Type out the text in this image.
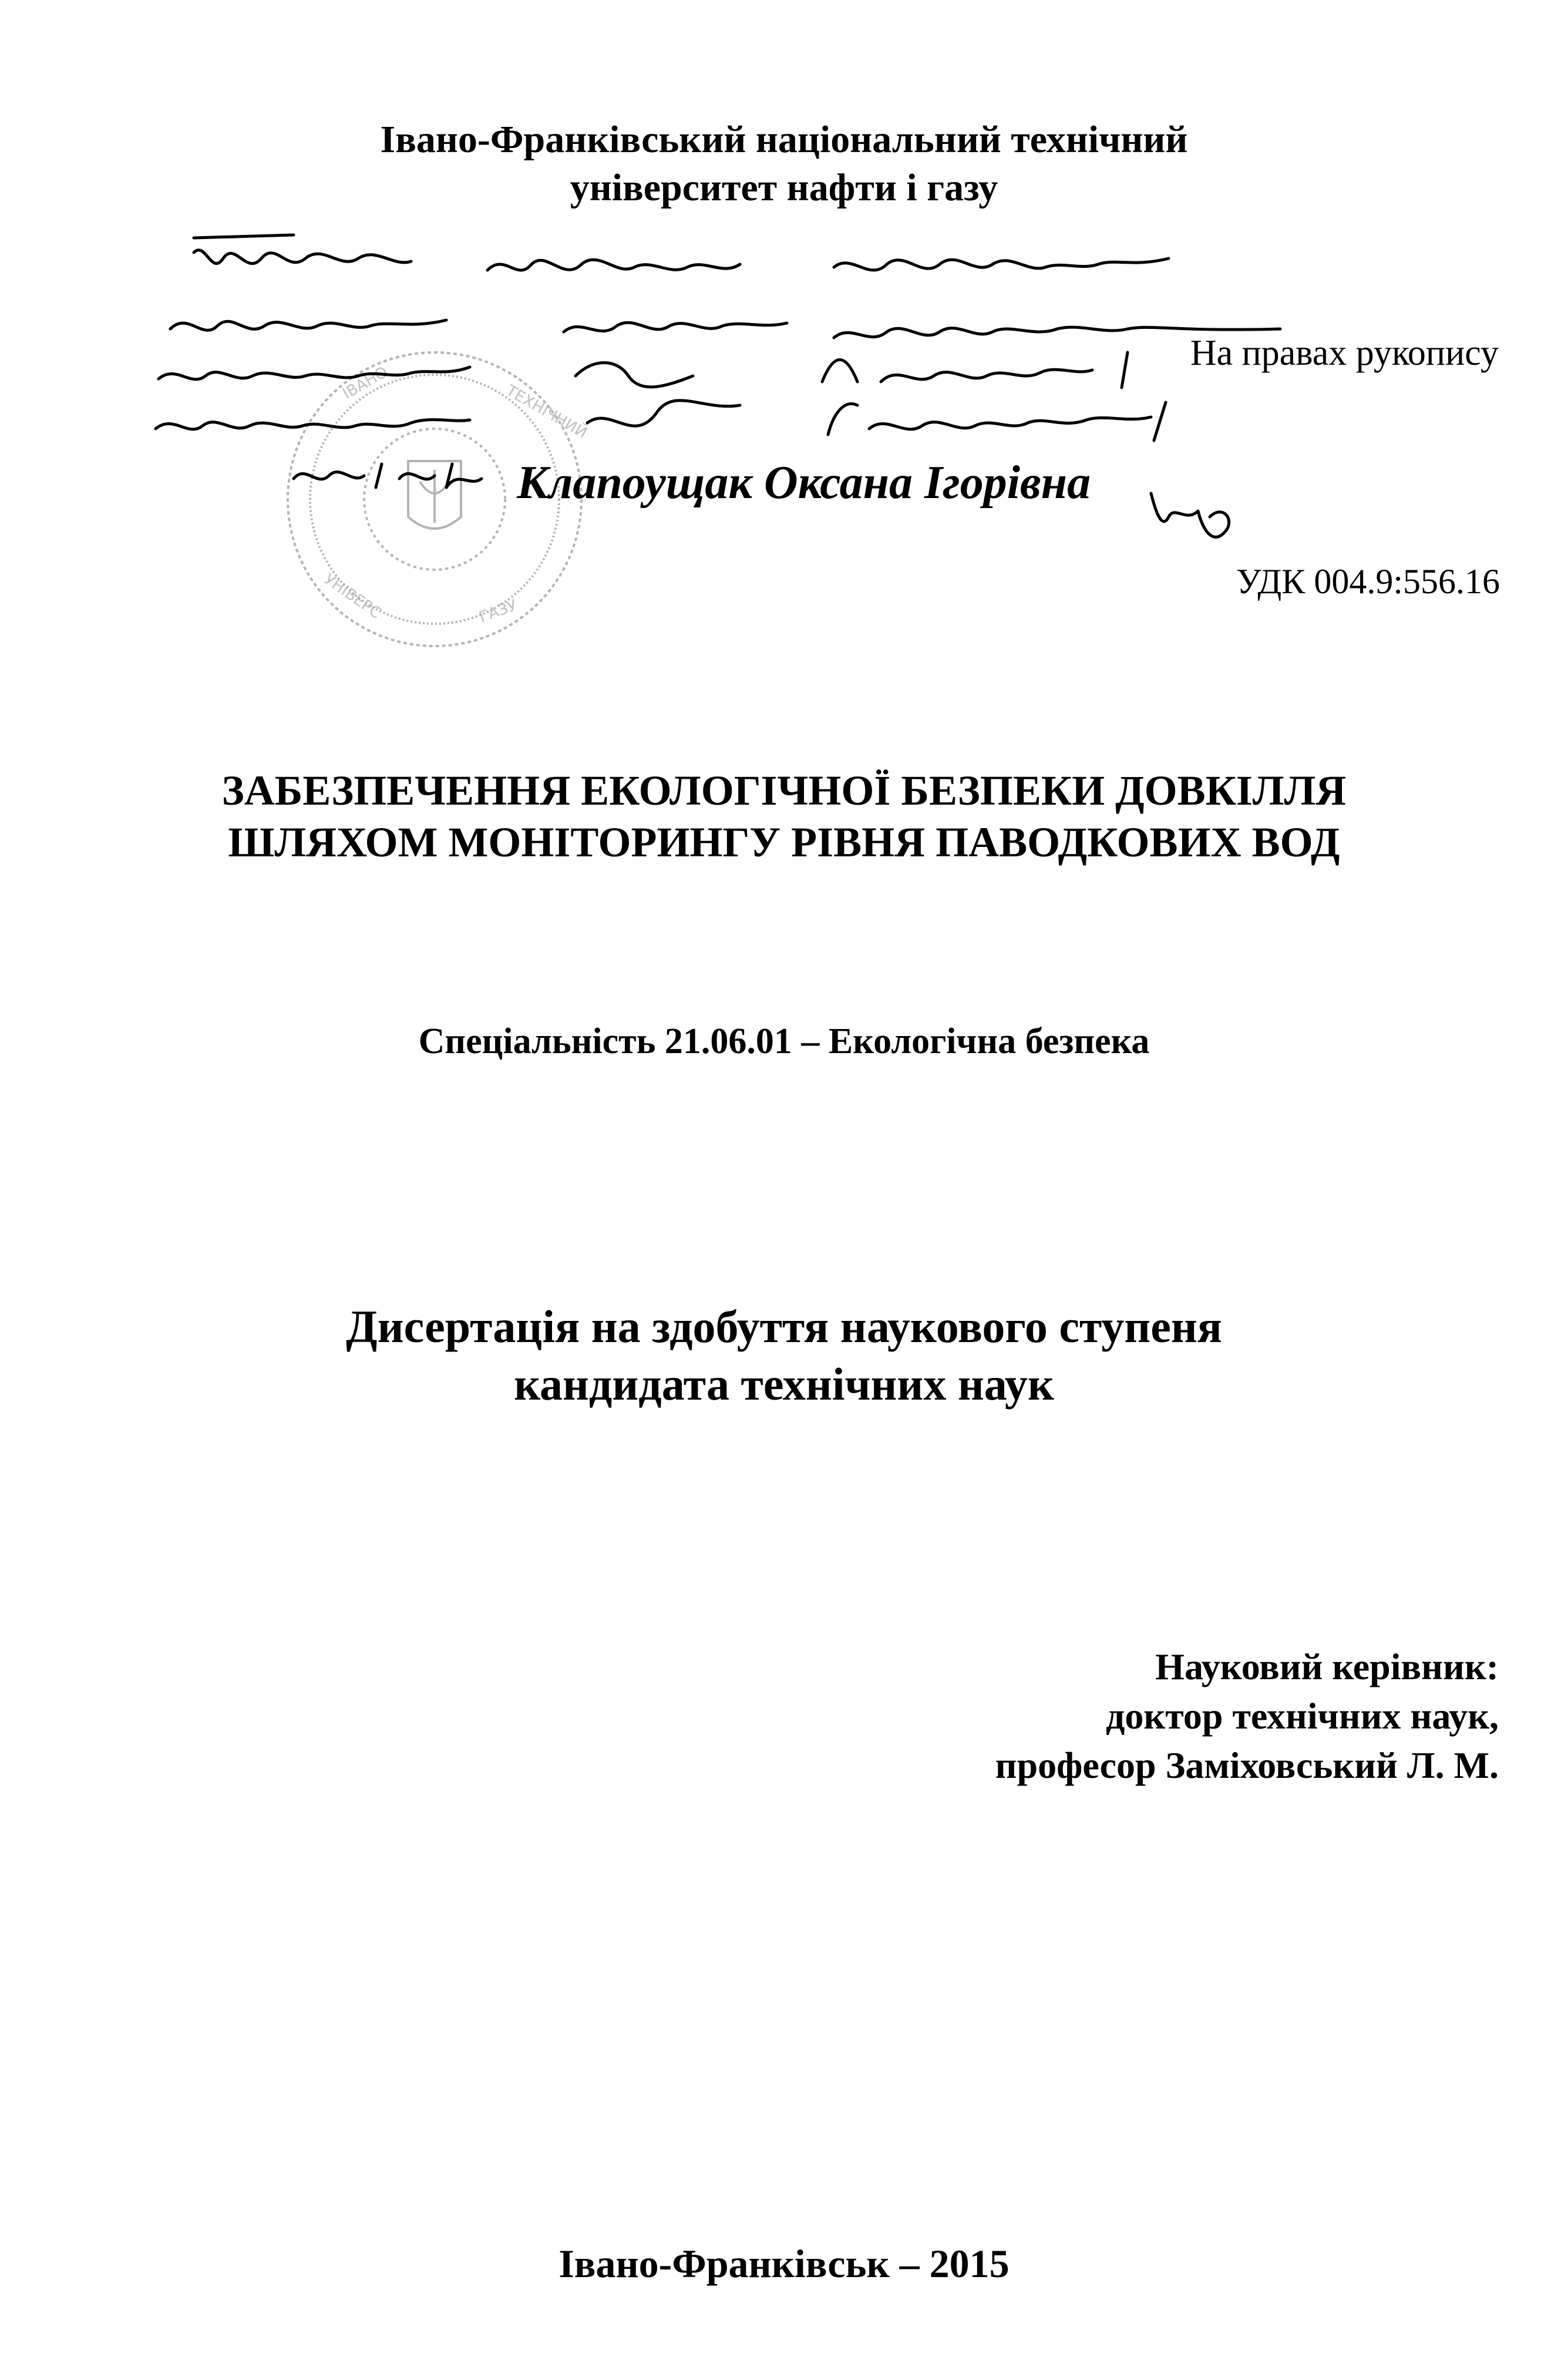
ІВАНО	ТЕХНІЧНИЙ
УНІВЕРС	ГАЗУ
Івано-Франківський національний технічний
університет нафти і газу
На правах рукопису
Клапоущак Оксана Ігорівна
УДК 004.9:556.16
ЗАБЕЗПЕЧЕННЯ ЕКОЛОГІЧНОЇ БЕЗПЕКИ ДОВКІЛЛЯ
ШЛЯХОМ МОНІТОРИНГУ РІВНЯ ПАВОДКОВИХ ВОД
Спеціальність 21.06.01 – Екологічна безпека
Дисертація на здобуття наукового ступеня
кандидата технічних наук
Науковий керівник:
доктор технічних наук,
професор Заміховський Л. М.
Івано-Франківськ – 2015
